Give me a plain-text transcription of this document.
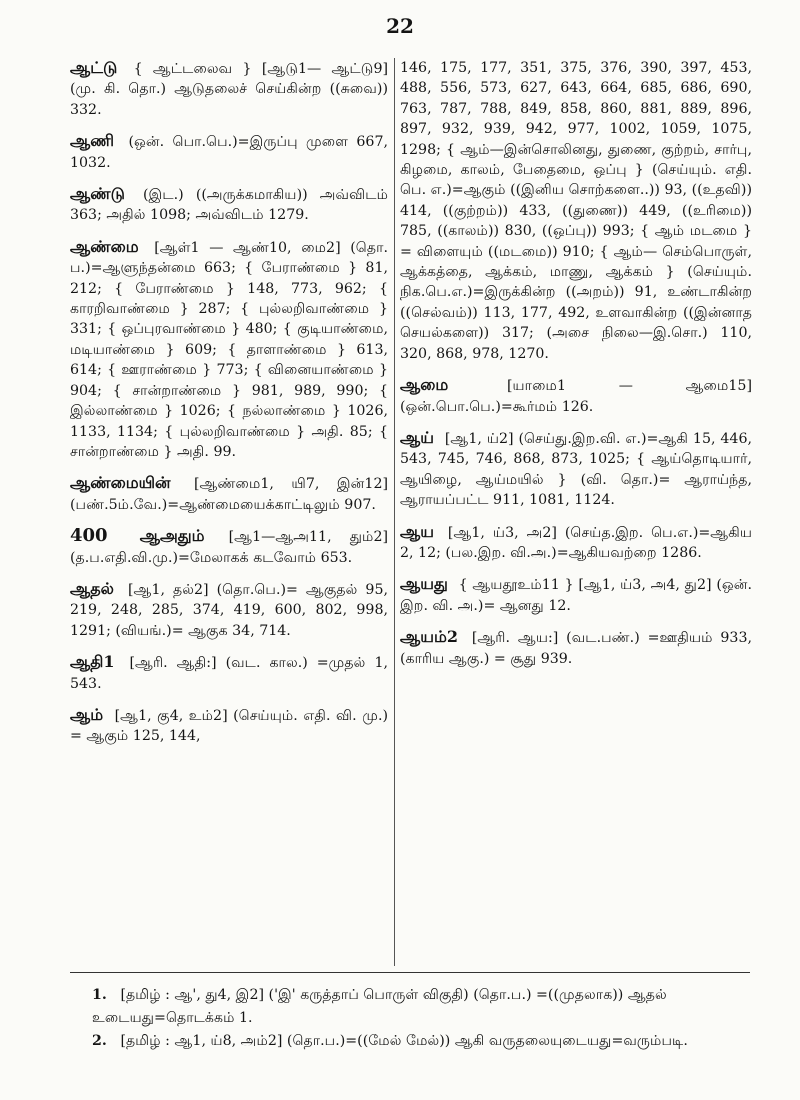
22

ஆட்டு { ஆட்டலைவ } [ஆடு1— ஆட்டு9] (மு. கி. தொ.) ஆடுதலைச் செய்கின்ற ((சுவை)) 332.

ஆணி (ஒன். பொ.பெ.)=இருப்பு முளை 667, 1032.

ஆண்டு (இட.) ((அருக்கமாகிய)) அவ்விடம் 363; அதில் 1098; அவ்விடம் 1279.

ஆண்மை [ஆள்1 — ஆண்10, மை2] (தொ. ப.)=ஆளுந்தன்மை 663; { பேராண்மை } 81, 212; { பேராண்மை } 148, 773, 962; { காரறிவாண்மை } 287; { புல்லறிவாண்மை } 331; { ஒப்புரவாண்மை } 480; { குடியாண்மை, மடியாண்மை } 609; { தாளாண்மை } 613, 614; { ஊராண்மை } 773; { வினையாண்மை } 904; { சான்றாண்மை } 981, 989, 990; { இல்லாண்மை } 1026; { நல்லாண்மை } 1026, 1133, 1134; { புல்லறிவாண்மை } அதி. 85; { சான்றாண்மை } அதி. 99.

ஆண்மையின் [ஆண்மை1, யி7, இன்12] (பண்.5ம்.வே.)=ஆண்மையைக்காட்டிலும் 907.

400 ஆஅதும் [ஆ1—ஆஅ11, தும்2] (த.ப.எதி.வி.மு.)=மேலாகக் கடவோம் 653.

ஆதல் [ஆ1, தல்2] (தொ.பெ.)= ஆகுதல் 95, 219, 248, 285, 374, 419, 600, 802, 998, 1291; (வியங்.)= ஆகுக 34, 714.

ஆதி1 [ஆரி. ஆதி:] (வட. கால.) =முதல் 1, 543.

ஆம் [ஆ1, கு4, உம்2] (செய்யும். எதி. வி. மு.) = ஆகும் 125, 144,

146, 175, 177, 351, 375, 376, 390, 397, 453, 488, 556, 573, 627, 643, 664, 685, 686, 690, 763, 787, 788, 849, 858, 860, 881, 889, 896, 897, 932, 939, 942, 977, 1002, 1059, 1075, 1298; { ஆம்—இன்சொலினது, துணை, குற்றம், சார்பு, கிழமை, காலம், பேதைமை, ஒப்பு } (செய்யும். எதி. பெ. எ.)=ஆகும் ((இனிய சொற்களை..)) 93, ((உதவி)) 414, ((குற்றம்)) 433, ((துணை)) 449, ((உரிமை)) 785, ((காலம்)) 830, ((ஒப்பு)) 993; { ஆம் மடமை } = விளையும் ((மடமை)) 910; { ஆம்— செம்பொருள், ஆக்கத்தை, ஆக்கம், மாணு, ஆக்கம் } (செய்யும். நிக.பெ.எ.)=இருக்கின்ற ((அறம்)) 91, உண்டாகின்ற ((செல்வம்)) 113, 177, 492, உளவாகின்ற ((இன்னாத செயல்களை)) 317; (அசை நிலை—இ.சொ.) 110, 320, 868, 978, 1270.

ஆமை	[யாமை1 — ஆமை15] (ஒன்.பொ.பெ.)=கூர்மம் 126.

ஆய் [ஆ1, ய்2] (செய்து.இற.வி. எ.)=ஆகி 15, 446, 543, 745, 746, 868, 873, 1025; { ஆய்தொடியார், ஆயிழை, ஆய்மயில் } (வி. தொ.)= ஆராய்ந்த, ஆராயப்பட்ட 911, 1081, 1124.

ஆய [ஆ1, ய்3, அ2] (செய்த.இற. பெ.எ.)=ஆகிய 2, 12; (பல.இற. வி.அ.)=ஆகியவற்றை 1286.

ஆயது { ஆயதூஉம்11 } [ஆ1, ய்3, அ4, து2] (ஒன். இற. வி. அ.)= ஆனது 12.

ஆயம்2 [ஆரி. ஆய:] (வட.பண்.) =ஊதியம் 933, (காரிய ஆகு.) = சூது 939.

1. [தமிழ் : ஆ', து4, இ2] ('இ' கருத்தாப் பொருள் விகுதி) (தொ.ப.) =((முதலாக)) ஆதல் உடையது=தொடக்கம் 1.

2. [தமிழ் : ஆ1, ய்8, அம்2] (தொ.ப.)=((மேல் மேல்)) ஆகி வருதலையுடையது=வரும்படி.
